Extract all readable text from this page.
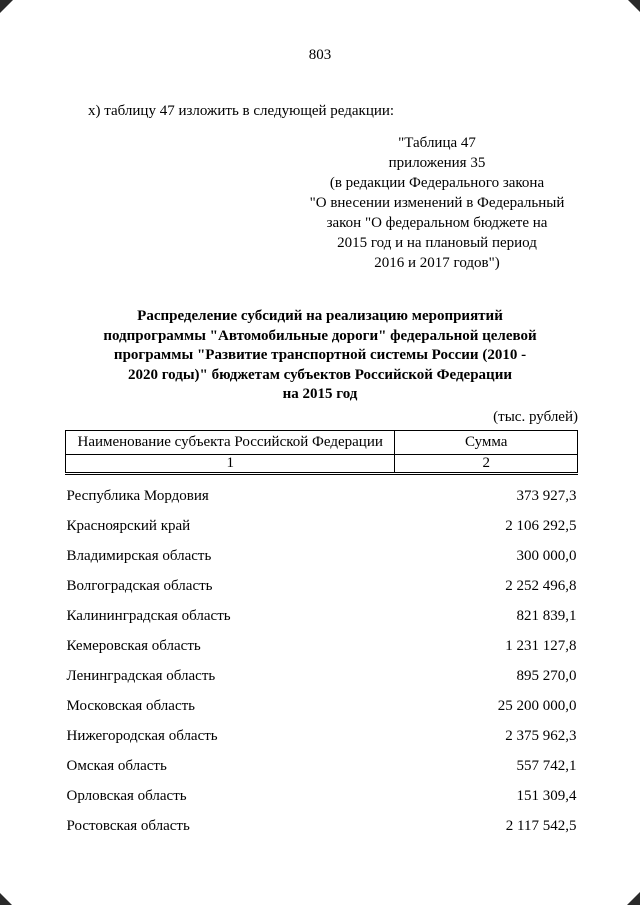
803
х) таблицу 47 изложить в следующей редакции:
"Таблица 47
приложения 35
(в редакции Федерального закона
"О внесении изменений в Федеральный
закон "О федеральном бюджете на
2015 год и на плановый период
2016 и 2017 годов")
Распределение субсидий на реализацию мероприятий
подпрограммы "Автомобильные дороги" федеральной целевой
программы "Развитие транспортной системы России (2010 -
2020 годы)" бюджетам субъектов Российской Федерации
на 2015 год
(тыс. рублей)
Наименование субъекта Российской Федерации	Сумма
1	2
Республика Мордовия	373 927,3
Красноярский край	2 106 292,5
Владимирская область	300 000,0
Волгоградская область	2 252 496,8
Калининградская область	821 839,1
Кемеровская область	1 231 127,8
Ленинградская область	895 270,0
Московская область	25 200 000,0
Нижегородская область	2 375 962,3
Омская область	557 742,1
Орловская область	151 309,4
Ростовская область	2 117 542,5
